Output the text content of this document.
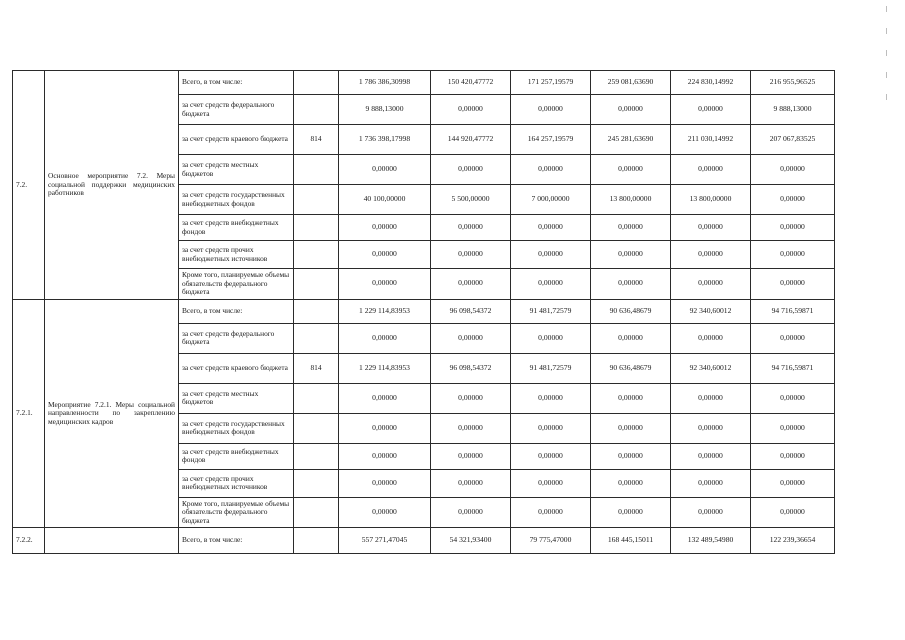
7.2.	Основное мероприятие 7.2. Меры социальной поддержки медицинских работников	Всего, в том числе:		1 786 386,30998	150 420,47772	171 257,19579	259 081,63690	224 830,14992	216 955,96525
		за счет средств федерального бюджета		9 888,13000	0,00000	0,00000	0,00000	0,00000	9 888,13000
		за счет средств краевого бюджета	814	1 736 398,17998	144 920,47772	164 257,19579	245 281,63690	211 030,14992	207 067,83525
		за счет средств местных бюджетов		0,00000	0,00000	0,00000	0,00000	0,00000	0,00000
		за счет средств государственных внебюджетных фондов		40 100,00000	5 500,00000	7 000,00000	13 800,00000	13 800,00000	0,00000
		за счет средств внебюджетных фондов		0,00000	0,00000	0,00000	0,00000	0,00000	0,00000
		за счет средств прочих внебюджетных источников		0,00000	0,00000	0,00000	0,00000	0,00000	0,00000
		Кроме того, планируемые объемы обязательств федерального бюджета		0,00000	0,00000	0,00000	0,00000	0,00000	0,00000
7.2.1.	Мероприятие 7.2.1. Меры социальной направленности по закреплению медицинских кадров	Всего, в том числе:		1 229 114,83953	96 098,54372	91 481,72579	90 636,48679	92 340,60012	94 716,59871
		за счет средств федерального бюджета		0,00000	0,00000	0,00000	0,00000	0,00000	0,00000
		за счет средств краевого бюджета	814	1 229 114,83953	96 098,54372	91 481,72579	90 636,48679	92 340,60012	94 716,59871
		за счет средств местных бюджетов		0,00000	0,00000	0,00000	0,00000	0,00000	0,00000
		за счет средств государственных внебюджетных фондов		0,00000	0,00000	0,00000	0,00000	0,00000	0,00000
		за счет средств внебюджетных фондов		0,00000	0,00000	0,00000	0,00000	0,00000	0,00000
		за счет средств прочих внебюджетных источников		0,00000	0,00000	0,00000	0,00000	0,00000	0,00000
		Кроме того, планируемые объемы обязательств федерального бюджета		0,00000	0,00000	0,00000	0,00000	0,00000	0,00000
7.2.2.		Всего, в том числе:		557 271,47045	54 321,93400	79 775,47000	168 445,15011	132 489,54980	122 239,36654
